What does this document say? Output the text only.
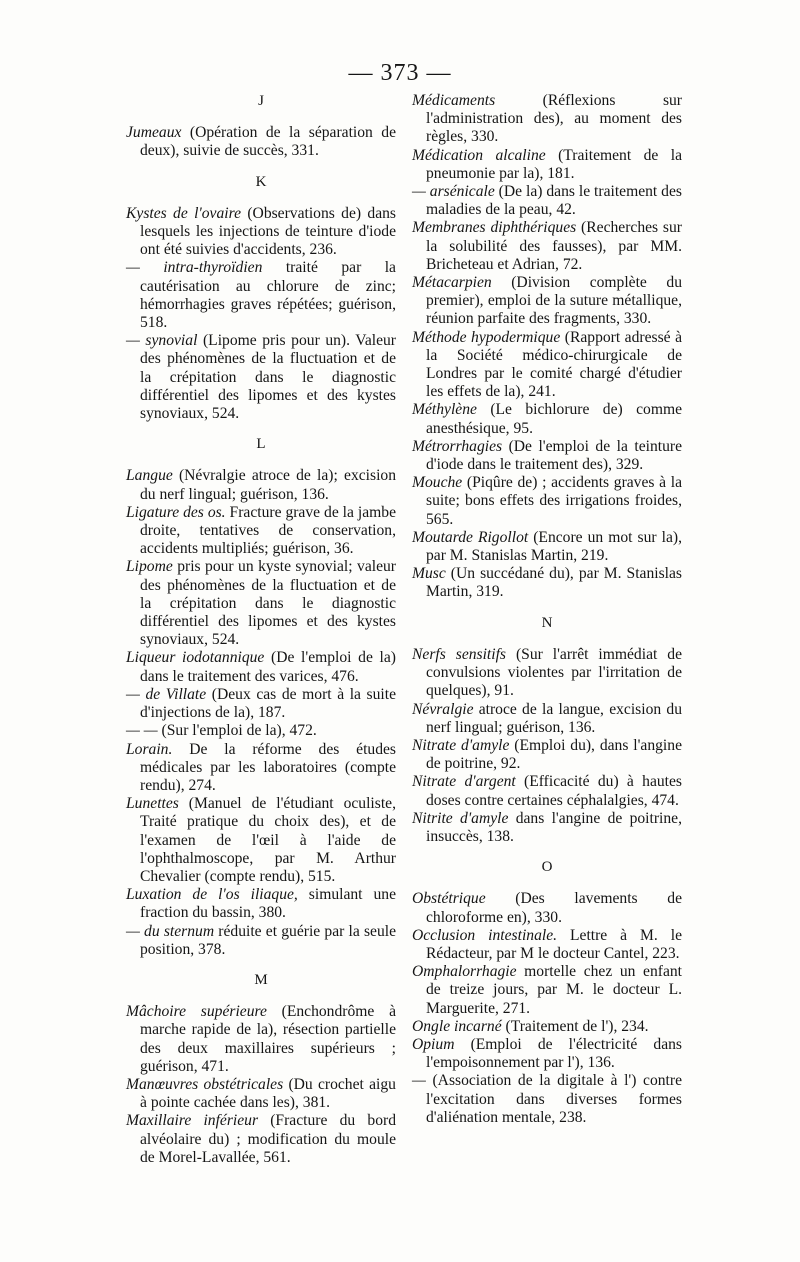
— 373 —
J

Jumeaux (Opération de la séparation de deux), suivie de succès, 331.

K

Kystes de l'ovaire (Observations de) dans lesquels les injections de teinture d'iode ont été suivies d'accidents, 236.

— intra-thyroïdien traité par la cautérisation au chlorure de zinc; hémorrhagies graves répétées; guérison, 518.

— synovial (Lipome pris pour un). Valeur des phénomènes de la fluctuation et de la crépitation dans le diagnostic différentiel des lipomes et des kystes synoviaux, 524.

L

Langue (Névralgie atroce de la); excision du nerf lingual; guérison, 136.

Ligature des os. Fracture grave de la jambe droite, tentatives de conservation, accidents multipliés; guérison, 36.

Lipome pris pour un kyste synovial; valeur des phénomènes de la fluctuation et de la crépitation dans le diagnostic différentiel des lipomes et des kystes synoviaux, 524.

Liqueur iodotannique (De l'emploi de la) dans le traitement des varices, 476.

— de Villate (Deux cas de mort à la suite d'injections de la), 187.

— — (Sur l'emploi de la), 472.

Lorain. De la réforme des études médicales par les laboratoires (compte rendu), 274.

Lunettes (Manuel de l'étudiant oculiste, Traité pratique du choix des), et de l'examen de l'œil à l'aide de l'ophthalmoscope, par M. Arthur Chevalier (compte rendu), 515.

Luxation de l'os iliaque, simulant une fraction du bassin, 380.

— du sternum réduite et guérie par la seule position, 378.

M

Mâchoire supérieure (Enchondrôme à marche rapide de la), résection partielle des deux maxillaires supérieurs ; guérison, 471.

Manœuvres obstétricales (Du crochet aigu à pointe cachée dans les), 381.

Maxillaire inférieur (Fracture du bord alvéolaire du) ; modification du moule de Morel-Lavallée, 561.

Médicaments (Réflexions sur l'administration des), au moment des règles, 330.

Médication alcaline (Traitement de la pneumonie par la), 181.

— arsénicale (De la) dans le traitement des maladies de la peau, 42.

Membranes diphthériques (Recherches sur la solubilité des fausses), par MM. Bricheteau et Adrian, 72.

Métacarpien (Division complète du premier), emploi de la suture métallique, réunion parfaite des fragments, 330.

Méthode hypodermique (Rapport adressé à la Société médico-chirurgicale de Londres par le comité chargé d'étudier les effets de la), 241.

Méthylène (Le bichlorure de) comme anesthésique, 95.

Métrorrhagies (De l'emploi de la teinture d'iode dans le traitement des), 329.

Mouche (Piqûre de) ; accidents graves à la suite; bons effets des irrigations froides, 565.

Moutarde Rigollot (Encore un mot sur la), par M. Stanislas Martin, 219.

Musc (Un succédané du), par M. Stanislas Martin, 319.

N

Nerfs sensitifs (Sur l'arrêt immédiat de convulsions violentes par l'irritation de quelques), 91.

Névralgie atroce de la langue, excision du nerf lingual; guérison, 136.

Nitrate d'amyle (Emploi du), dans l'angine de poitrine, 92.

Nitrate d'argent (Efficacité du) à hautes doses contre certaines céphalalgies, 474.

Nitrite d'amyle dans l'angine de poitrine, insuccès, 138.

O

Obstétrique (Des lavements de chloroforme en), 330.

Occlusion intestinale. Lettre à M. le Rédacteur, par M le docteur Cantel, 223.

Omphalorrhagie mortelle chez un enfant de treize jours, par M. le docteur L. Marguerite, 271.

Ongle incarné (Traitement de l'), 234.

Opium (Emploi de l'électricité dans l'empoisonnement par l'), 136.

— (Association de la digitale à l') contre l'excitation dans diverses formes d'aliénation mentale, 238.
